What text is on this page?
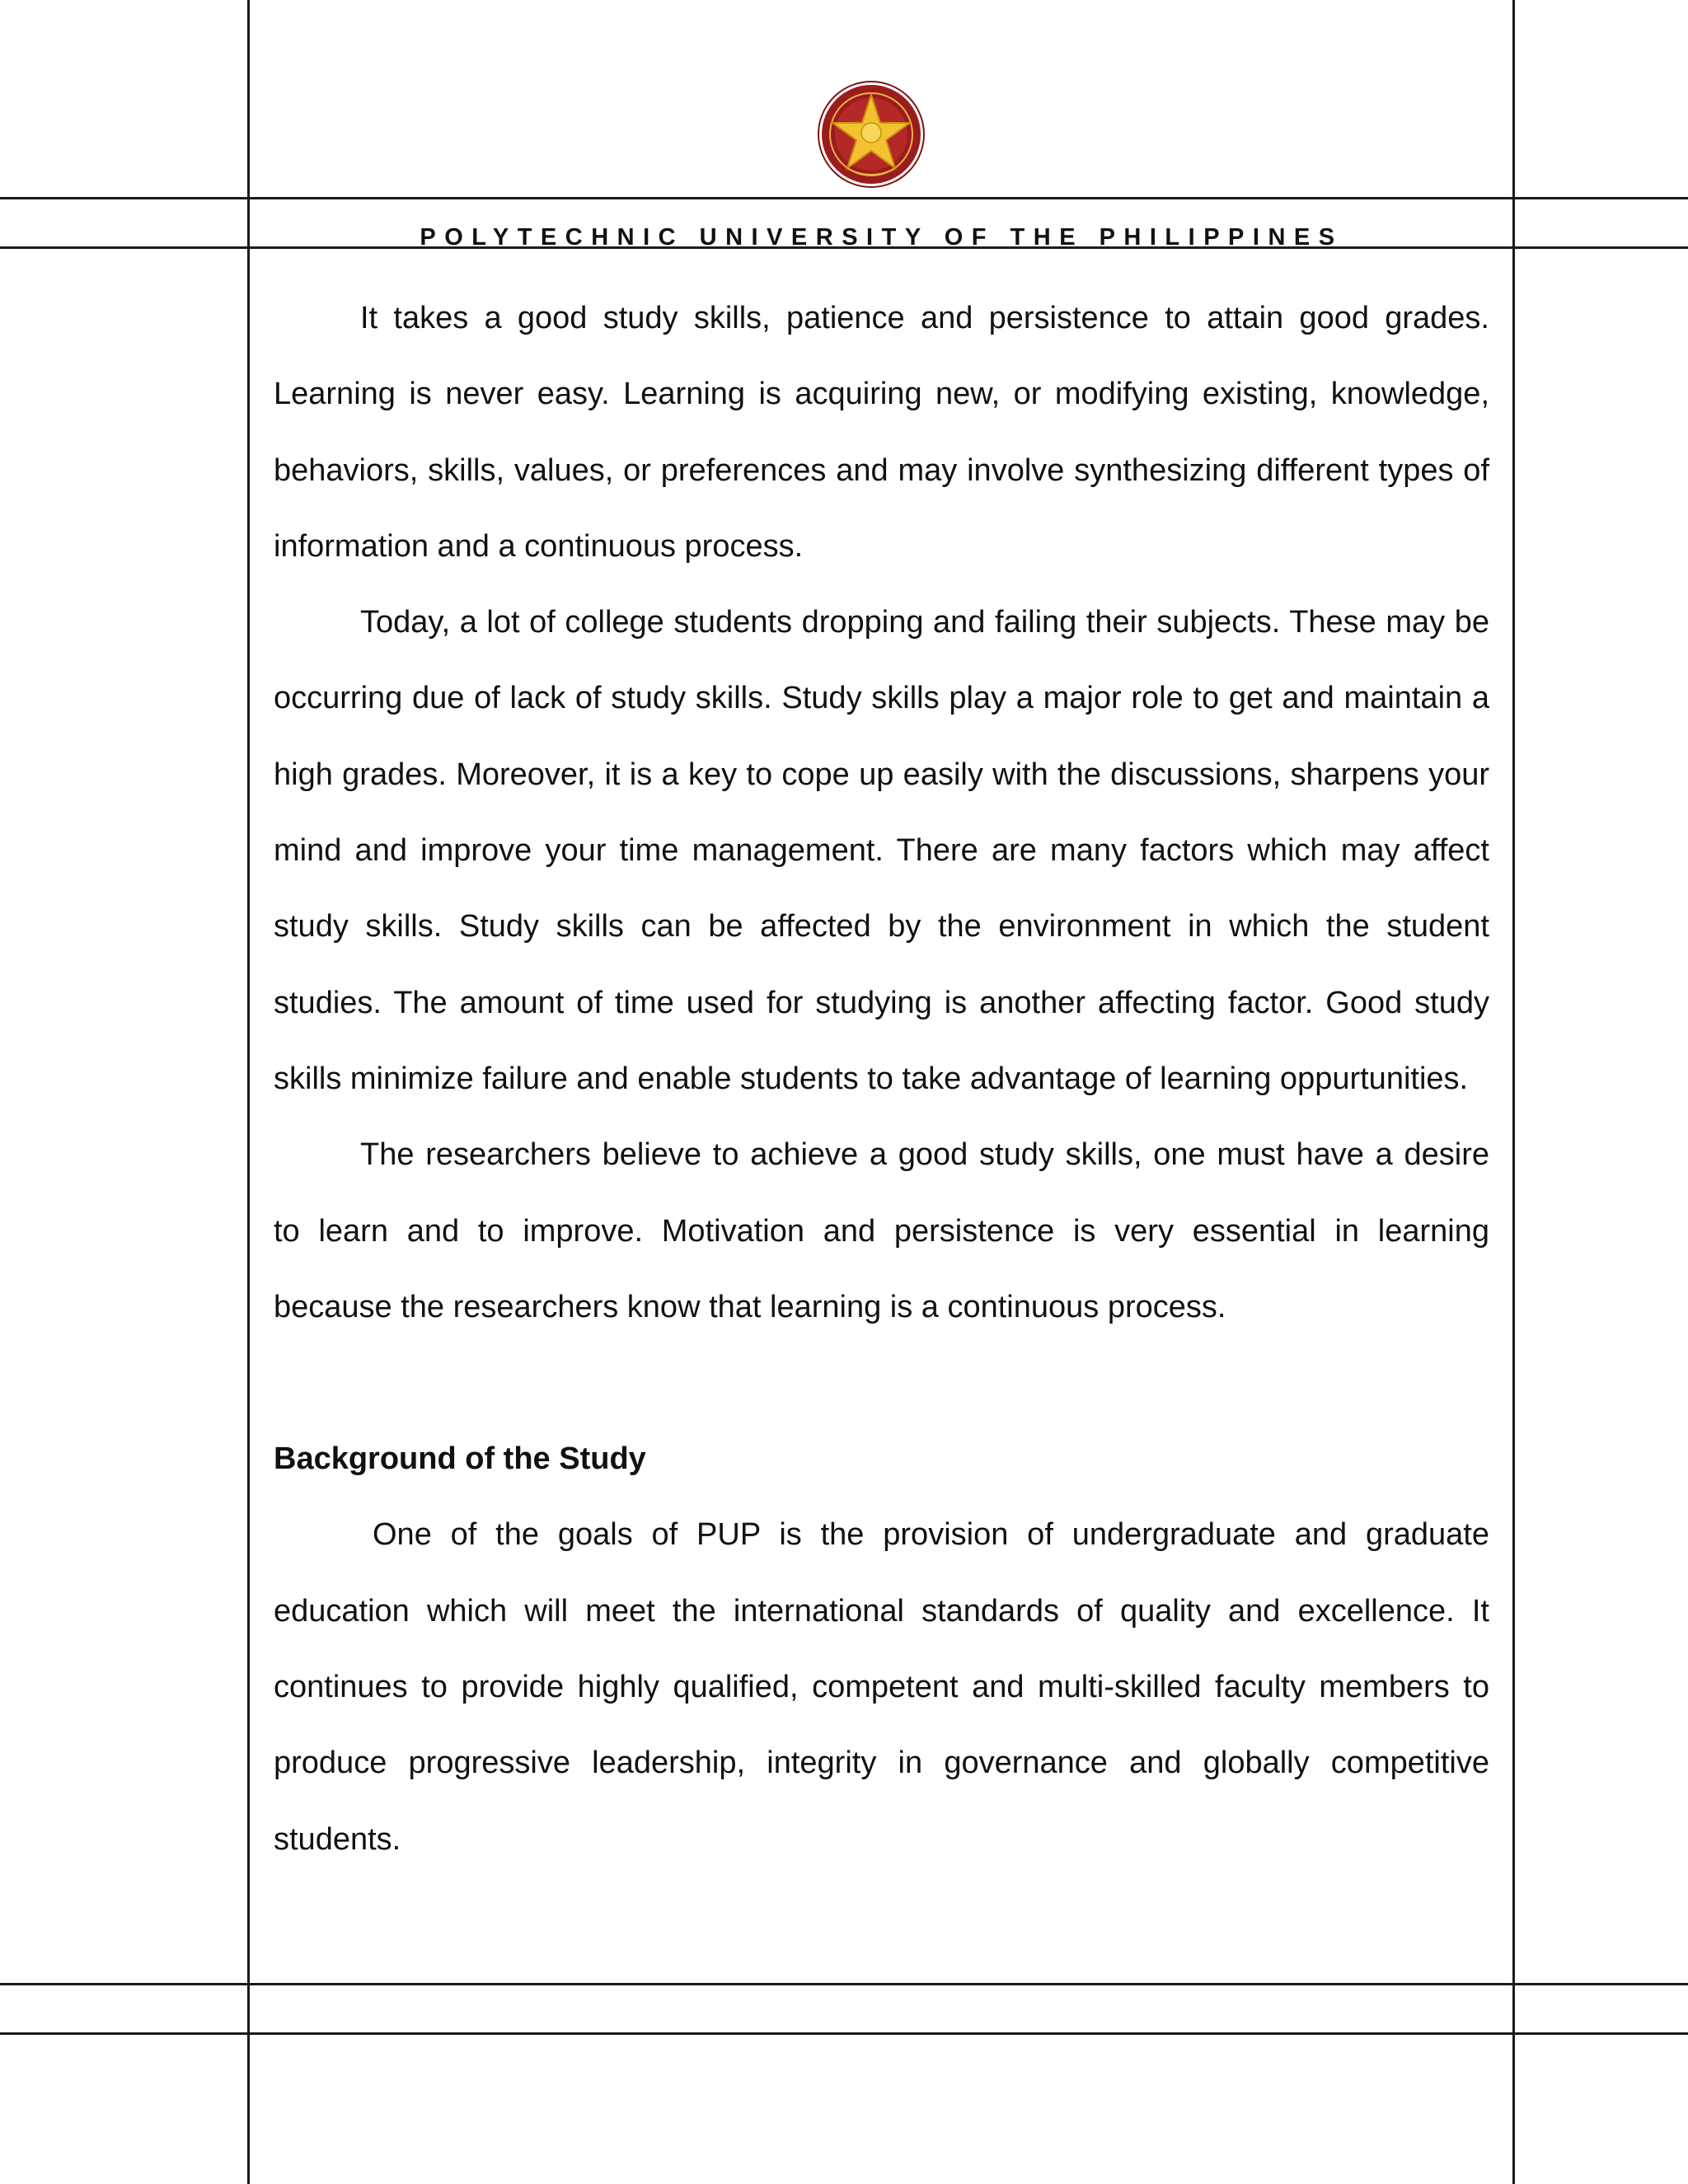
POLYTECHNIC UNIVERSITY OF THE PHILIPPINES

It takes a good study skills, patience and persistence to attain good grades. Learning is never easy. Learning is acquiring new, or modifying existing, knowledge, behaviors, skills, values, or preferences and may involve synthesizing different types of information and a continuous process.

Today, a lot of college students dropping and failing their subjects. These may be occurring due of lack of study skills. Study skills play a major role to get and maintain a high grades. Moreover, it is a key to cope up easily with the discussions, sharpens your mind and improve your time management. There are many factors which may affect study skills. Study skills can be affected by the environment in which the student studies. The amount of time used for studying is another affecting factor. Good study skills minimize failure and enable students to take advantage of learning oppurtunities.

The researchers believe to achieve a good study skills, one must have a desire to learn and to improve. Motivation and persistence is very essential in learning because the researchers know that learning is a continuous process.

Background of the Study

One of the goals of PUP is the provision of undergraduate and graduate education which will meet the international standards of quality and excellence. It continues to provide highly qualified, competent and multi-skilled faculty members to produce progressive leadership, integrity in governance and globally competitive students.
